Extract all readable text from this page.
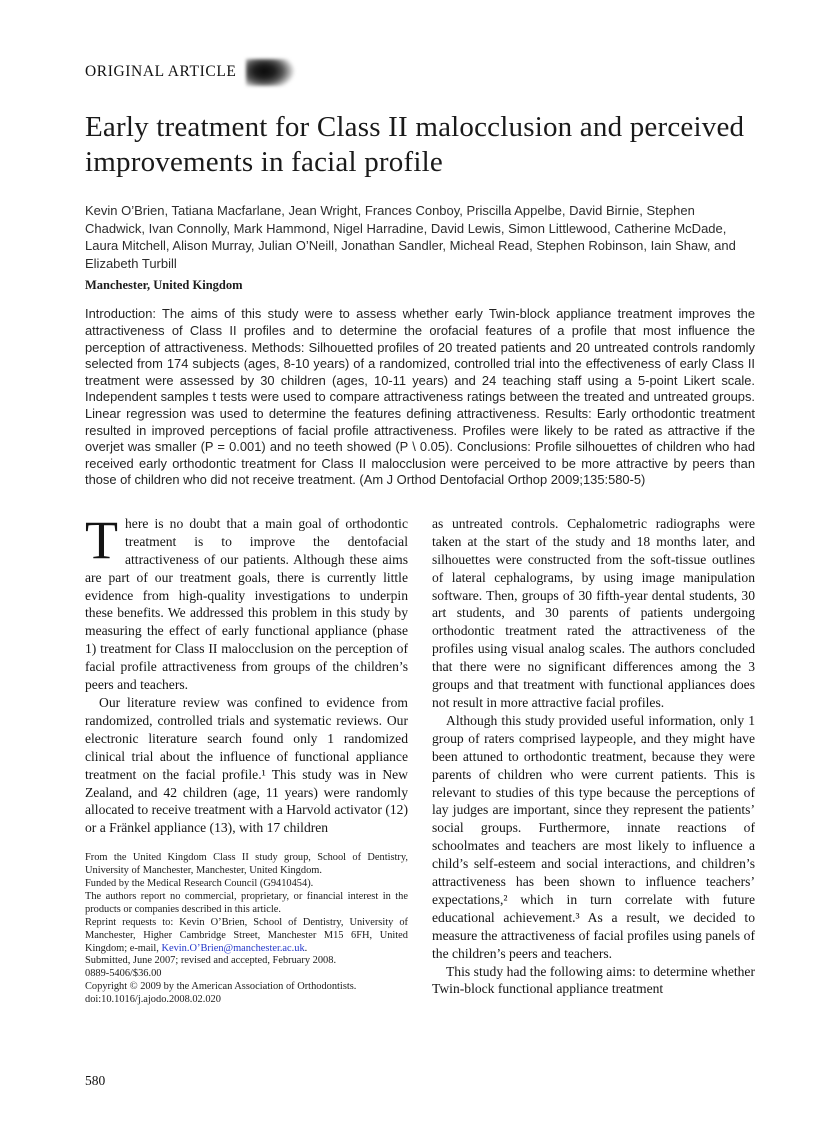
ORIGINAL ARTICLE
Early treatment for Class II malocclusion and perceived improvements in facial profile

Kevin O’Brien, Tatiana Macfarlane, Jean Wright, Frances Conboy, Priscilla Appelbe, David Birnie, Stephen Chadwick, Ivan Connolly, Mark Hammond, Nigel Harradine, David Lewis, Simon Littlewood, Catherine McDade, Laura Mitchell, Alison Murray, Julian O’Neill, Jonathan Sandler, Micheal Read, Stephen Robinson, Iain Shaw, and Elizabeth Turbill

Manchester, United Kingdom

Introduction: The aims of this study were to assess whether early Twin-block appliance treatment improves the attractiveness of Class II profiles and to determine the orofacial features of a profile that most influence the perception of attractiveness. Methods: Silhouetted profiles of 20 treated patients and 20 untreated controls randomly selected from 174 subjects (ages, 8-10 years) of a randomized, controlled trial into the effectiveness of early Class II treatment were assessed by 30 children (ages, 10-11 years) and 24 teaching staff using a 5-point Likert scale. Independent samples t tests were used to compare attractiveness ratings between the treated and untreated groups. Linear regression was used to determine the features defining attractiveness. Results: Early orthodontic treatment resulted in improved perceptions of facial profile attractiveness. Profiles were likely to be rated as attractive if the overjet was smaller (P = 0.001) and no teeth showed (P \ 0.05). Conclusions: Profile silhouettes of children who had received early orthodontic treatment for Class II malocclusion were perceived to be more attractive by peers than those of children who did not receive treatment. (Am J Orthod Dentofacial Orthop 2009;135:580-5)

There is no doubt that a main goal of orthodontic treatment is to improve the dentofacial attractiveness of our patients. Although these aims are part of our treatment goals, there is currently little evidence from high-quality investigations to underpin these benefits. We addressed this problem in this study by measuring the effect of early functional appliance (phase 1) treatment for Class II malocclusion on the perception of facial profile attractiveness from groups of the children’s peers and teachers.

Our literature review was confined to evidence from randomized, controlled trials and systematic reviews. Our electronic literature search found only 1 randomized clinical trial about the influence of functional appliance treatment on the facial profile.¹ This study was in New Zealand, and 42 children (age, 11 years) were randomly allocated to receive treatment with a Harvold activator (12) or a Fränkel appliance (13), with 17 children

From the United Kingdom Class II study group, School of Dentistry, University of Manchester, Manchester, United Kingdom.

Funded by the Medical Research Council (G9410454).

The authors report no commercial, proprietary, or financial interest in the products or companies described in this article.

Reprint requests to: Kevin O’Brien, School of Dentistry, University of Manchester, Higher Cambridge Street, Manchester M15 6FH, United Kingdom; e-mail, Kevin.O’Brien@manchester.ac.uk.

Submitted, June 2007; revised and accepted, February 2008.

0889-5406/$36.00

Copyright © 2009 by the American Association of Orthodontists.

doi:10.1016/j.ajodo.2008.02.020

as untreated controls. Cephalometric radiographs were taken at the start of the study and 18 months later, and silhouettes were constructed from the soft-tissue outlines of lateral cephalograms, by using image manipulation software. Then, groups of 30 fifth-year dental students, 30 art students, and 30 parents of patients undergoing orthodontic treatment rated the attractiveness of the profiles using visual analog scales. The authors concluded that there were no significant differences among the 3 groups and that treatment with functional appliances does not result in more attractive facial profiles.

Although this study provided useful information, only 1 group of raters comprised laypeople, and they might have been attuned to orthodontic treatment, because they were parents of children who were current patients. This is relevant to studies of this type because the perceptions of lay judges are important, since they represent the patients’ social groups. Furthermore, innate reactions of schoolmates and teachers are most likely to influence a child’s self-esteem and social interactions, and children’s attractiveness has been shown to influence teachers’ expectations,² which in turn correlate with future educational achievement.³ As a result, we decided to measure the attractiveness of facial profiles using panels of the children’s peers and teachers.

This study had the following aims: to determine whether Twin-block functional appliance treatment

580
